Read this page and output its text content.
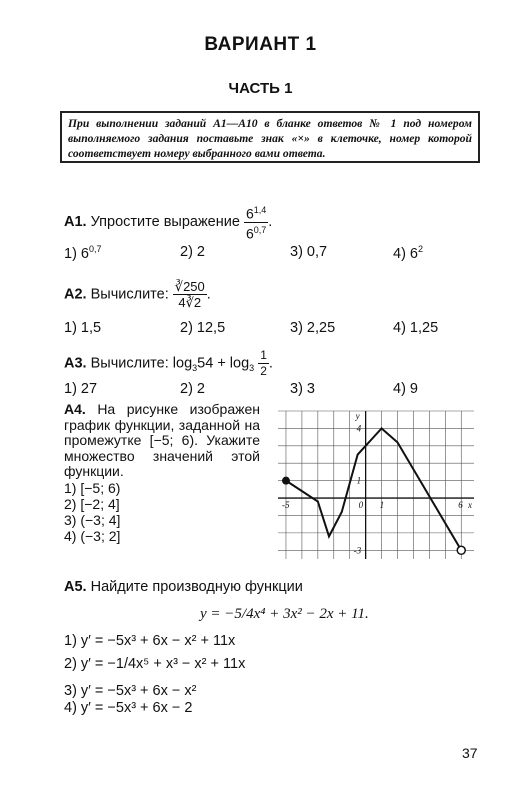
ВАРИАНТ 1
ЧАСТЬ 1
При выполнении заданий А1—А10 в бланке ответов № 1 под номером выполняемого задания поставьте знак «×» в клеточке, номер которой соответствует номеру выбранного вами ответа.
А1. Упростите выражение $\frac{6^{1,4}}{6^{0,7}}$ .
1) 6$^{0,7}$	2) 2	3) 0,7	4) $6^2$
А2. Вычислите: $\frac{∛250}{4∛2}$ .
1) 1,5	2) 12,5	3) 2,25	4) 1,25
А3. Вычислите: $\log_354 + \log_3 \frac{1}{2}$ .
1) 27	2) 2	3) 3	4) 9
А4. На рисунке изображен график функции, заданной на промежутке [−5; 6). Укажите множество значений этой функции.
1) [−5; 6)
2) [−2; 4]
3) (−3; 4]
4) (−3; 2]
-5	0 1	6 x
y
4
1
-3
А5. Найдите производную функции
y = −5/4x⁴ + 3x² − 2x + 11.
1) y′ = −5x³ + 6x − x² + 11x
2) y′ = −1/4x⁵ + x³ − x² + 11x
3) y′ = −5x³ + 6x − x²
4) y′ = −5x³ + 6x − 2
37
